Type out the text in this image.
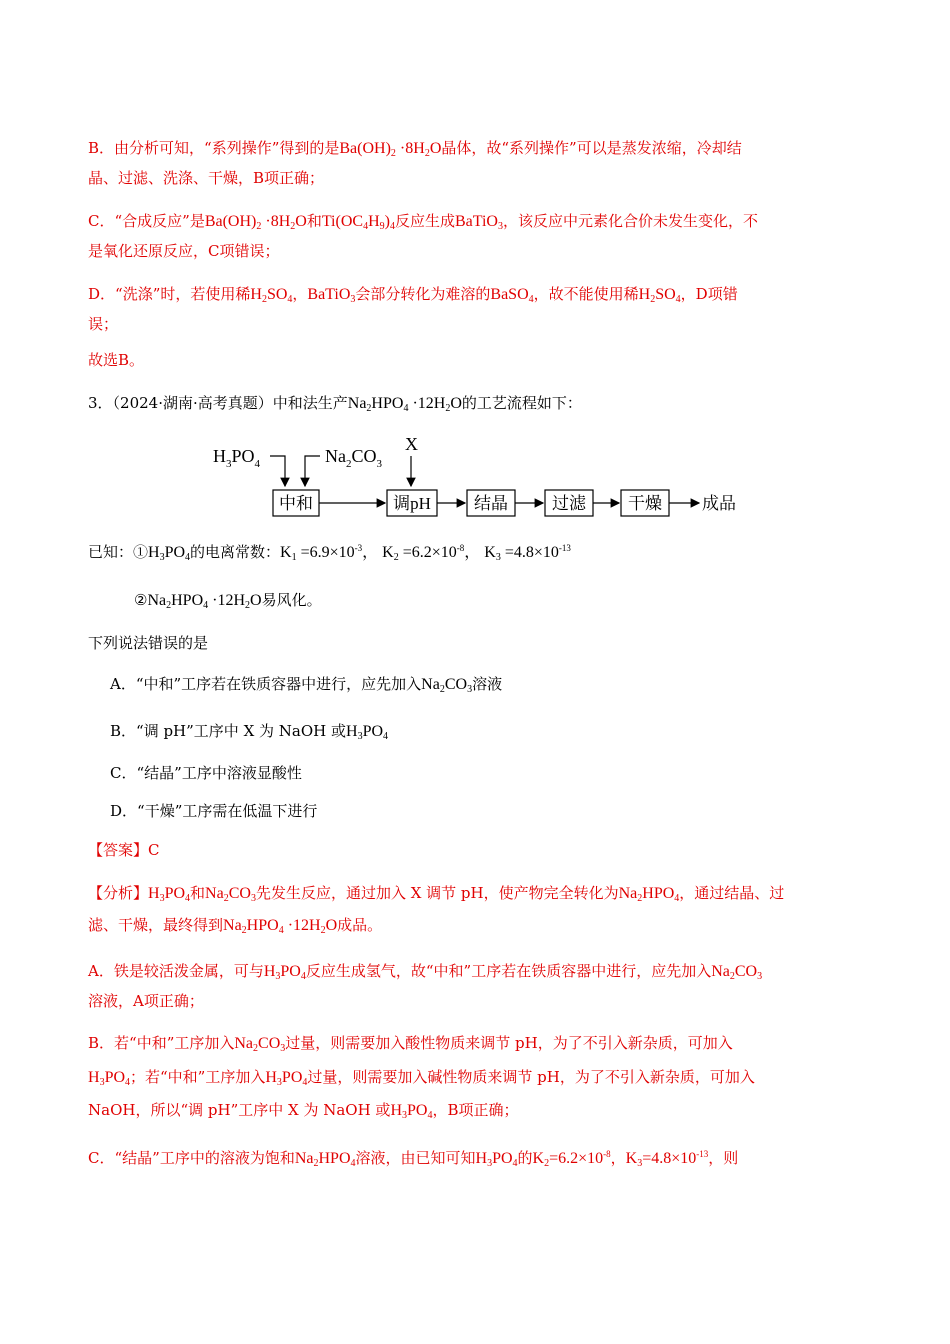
B．由分析可知，“系列操作”得到的是$Ba(OH)_2 \cdot 8H_2O$晶体，故“系列操作”可以是蒸发浓缩，冷却结
晶、过滤、洗涤、干燥，B项正确；
C．“合成反应”是$Ba(OH)_2 \cdot 8H_2O$和$Ti(OC_4H_9)_4$反应生成BaTiO$_3$，该反应中元素化合价未发生变化，不
是氧化还原反应，C项错误；
D．“洗涤”时，若使用稀$H_2SO_4$，BaTiO$_3$会部分转化为难溶的BaSO$_4$，故不能使用稀$H_2SO_4$，D项错
误；
故选B。
3．（2024·湖南·高考真题）中和法生产$Na_2HPO_4 \cdot 12H_2O$的工艺流程如下：
$H_3PO_4$	$Na_2CO_3$
X
中和	调pH	结晶	过滤 干燥 成品
已知：$①H_3PO_4$的电离常数：$K_1 =6.9\times 10^{-3}$， $K_2 =6.2\times 10^{-8}$， $K_3 =4.8\times 10^{-13}$
$②Na_2HPO_4 \cdot 12H_2O$易风化。
下列说法错误的是
A．“中和”工序若在铁质容器中进行，应先加入$Na_2CO_3$溶液
B．“调 pH”工序中 X 为 NaOH 或$H_3PO_4$
C．“结晶”工序中溶液显酸性
D．“干燥”工序需在低温下进行
【答案】C
【分析】$H_3PO_4$和$Na_2CO_3$先发生反应，通过加入 X 调节 pH，使产物完全转化为$Na_2HPO_4$，通过结晶、过
滤、干燥，最终得到$Na_2HPO_4 \cdot 12H_2O$成品。
A．铁是较活泼金属，可与$H_3PO_4$反应生成氢气，故“中和”工序若在铁质容器中进行，应先加入$Na_2CO_3$
溶液，A项正确；
B．若“中和”工序加入$Na_2CO_3$过量，则需要加入酸性物质来调节 pH，为了不引入新杂质，可加入
$H_3PO_4$；若“中和”工序加入$H_3PO_4$过量，则需要加入碱性物质来调节 pH，为了不引入新杂质，可加入
NaOH，所以“调 pH”工序中 X 为 NaOH 或$H_3PO_4$，B项正确；
C．“结晶”工序中的溶液为饱和$Na_2HPO_4$溶液，由已知可知$H_3PO_4$的$K_2=6.2\times 10^{-8}$，$K_3=4.8\times 10^{-13}$，则
